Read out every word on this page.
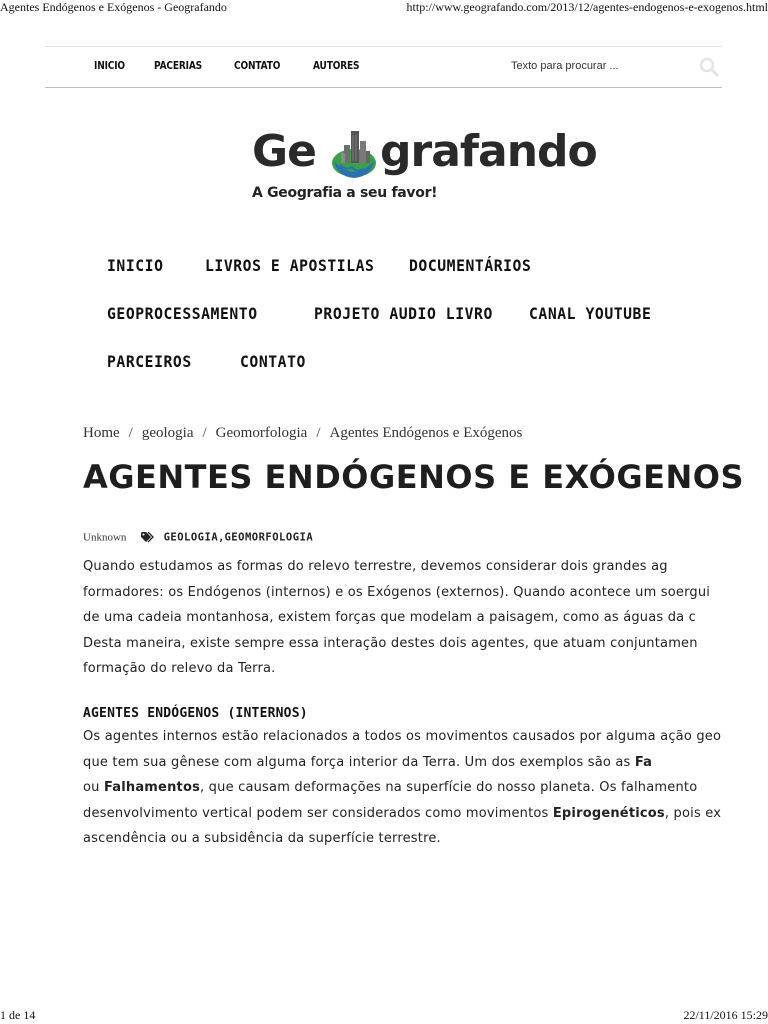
Agentes Endógenos e Exógenos - Geografando	http://www.geografando.com/2013/12/agentes-endogenos-e-exogenos.html
INICIO	PACERIAS	CONTATO	AUTORES
Texto para procurar ...
Ge grafando
A Geografia a seu favor!
INICIO	LIVROS E APOSTILAS DOCUMENTÁRIOS
GEOPROCESSAMENTO	PROJETO AUDIO LIVRO CANAL YOUTUBE
PARCEIROS	CONTATO
Home / geologia / Geomorfologia / Agentes Endógenos e Exógenos
AGENTES ENDÓGENOS E EXÓGENOS
Unknown	GEOLOGIA,GEOMORFOLOGIA

Quando estudamos as formas do relevo terrestre, devemos considerar dois grandes ag
formadores: os Endógenos (internos) e os Exógenos (externos). Quando acontece um soergui
de uma cadeia montanhosa, existem forças que modelam a paisagem, como as águas da c
Desta maneira, existe sempre essa interação destes dois agentes, que atuam conjuntamen
formação do relevo da Terra.

AGENTES ENDÓGENOS (INTERNOS)

Os agentes internos estão relacionados a todos os movimentos causados por alguma ação geo
que tem sua gênese com alguma força interior da Terra. Um dos exemplos são as Fa
ou Falhamentos, que causam deformações na superfície do nosso planeta. Os falhamento
desenvolvimento vertical podem ser considerados como movimentos Epirogenéticos, pois ex
ascendência ou a subsidência da superfície terrestre.

1 de 14	22/11/2016 15:29
